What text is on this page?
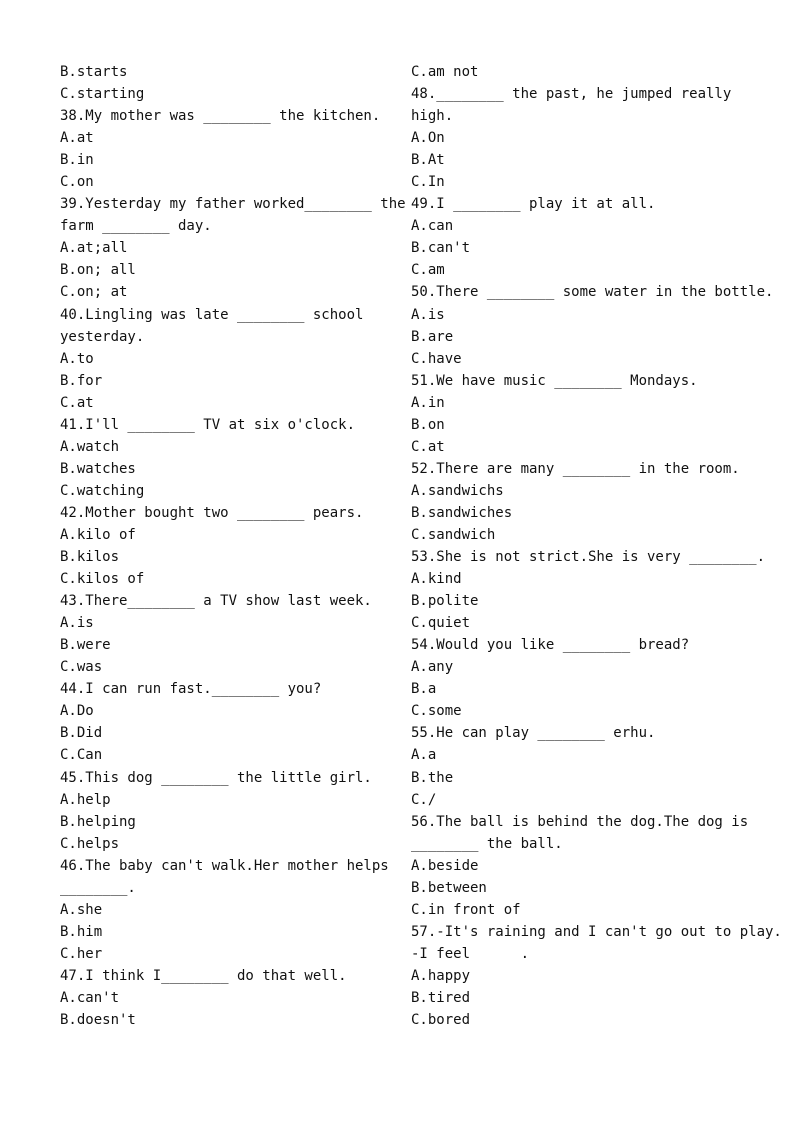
B.starts
C.starting
38.My mother was ________ the kitchen.
A.at
B.in
C.on
39.Yesterday my father worked________ the
farm ________ day.
A.at;all
B.on; all
C.on; at
40.Lingling was late ________ school
yesterday.
A.to
B.for
C.at
41.I'll ________ TV at six o'clock.
A.watch
B.watches
C.watching
42.Mother bought two ________ pears.
A.kilo of
B.kilos
C.kilos of
43.There________ a TV show last week.
A.is
B.were
C.was
44.I can run fast.________ you?
A.Do
B.Did
C.Can
45.This dog ________ the little girl.
A.help
B.helping
C.helps
46.The baby can't walk.Her mother helps
________.
A.she
B.him
C.her
47.I think I________ do that well.
A.can't
B.doesn't
C.am not
48.________ the past, he jumped really
high.
A.On
B.At
C.In
49.I ________ play it at all.
A.can
B.can't
C.am
50.There ________ some water in the bottle.
A.is
B.are
C.have
51.We have music ________ Mondays.
A.in
B.on
C.at
52.There are many ________ in the room.
A.sandwichs
B.sandwiches
C.sandwich
53.She is not strict.She is very ________.
A.kind
B.polite
C.quiet
54.Would you like ________ bread?
A.any
B.a
C.some
55.He can play ________ erhu.
A.a
B.the
C./
56.The ball is behind the dog.The dog is
________ the ball.
A.beside
B.between
C.in front of
57.-It's raining and I can't go out to play.
-I feel      .
A.happy
B.tired
C.bored
